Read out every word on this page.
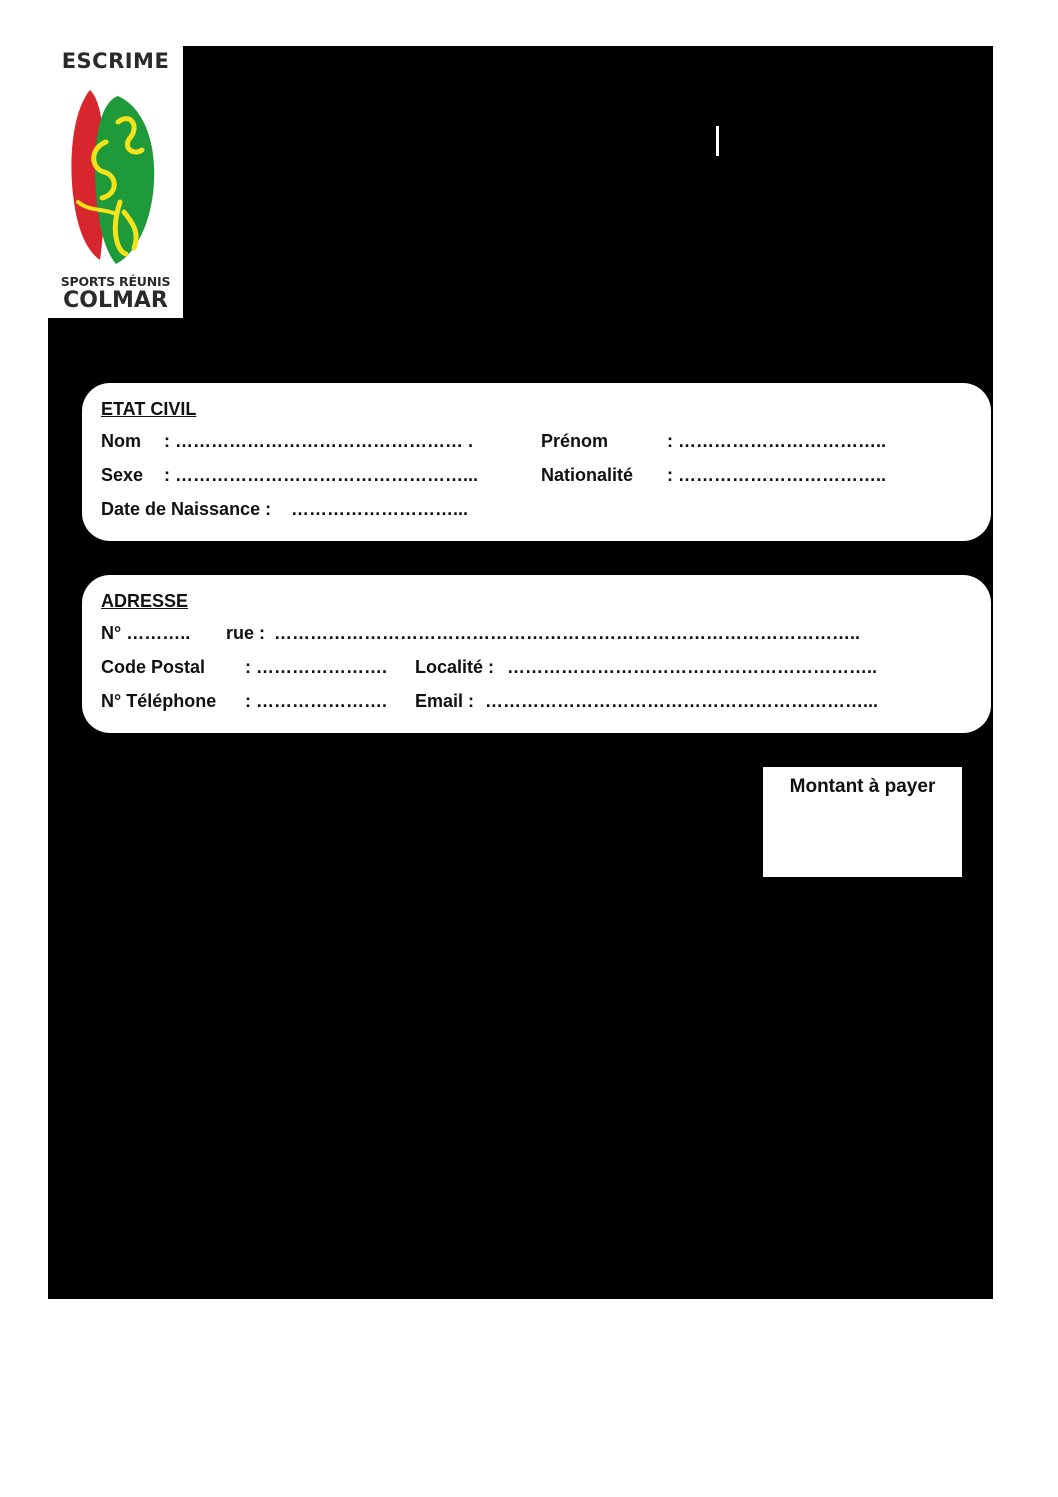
ESCRIME
SPORTS RÉUNIS
COLMAR
ETAT CIVIL
Nom : ………………………………………… .	Prénom	: ……………………………..
Sexe : …………………………………………...	Nationalité : ……………………………..
Date de Naissance : ………………………...
ADRESSE
N° ……….. rue : ……………………………………………………………………………………..
Code Postal : …………………. Localité : ……………………………………………………..
N° Téléphone : …………………. Email : ………………………………………………………...
Montant à payer
